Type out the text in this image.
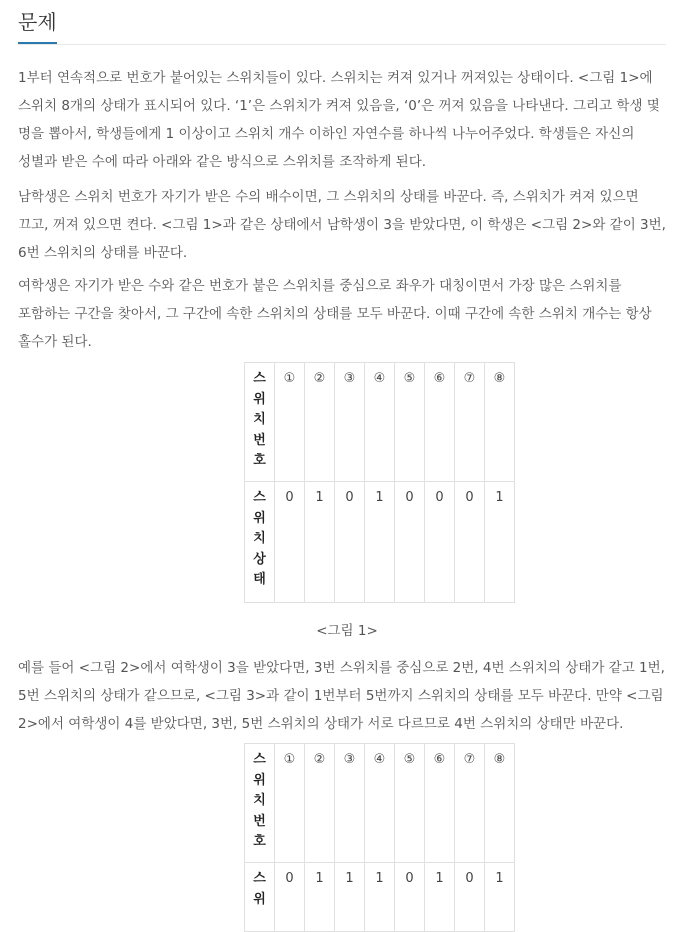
문제

1부터 연속적으로 번호가 붙어있는 스위치들이 있다. 스위치는 켜져 있거나 꺼져있는 상태이다. <그림 1>에 스위치 8개의 상태가 표시되어 있다. ‘1’은 스위치가 켜져 있음을, ‘0’은 꺼져 있음을 나타낸다. 그리고 학생 몇 명을 뽑아서, 학생들에게 1 이상이고 스위치 개수 이하인 자연수를 하나씩 나누어주었다. 학생들은 자신의 성별과 받은 수에 따라 아래와 같은 방식으로 스위치를 조작하게 된다.

남학생은 스위치 번호가 자기가 받은 수의 배수이면, 그 스위치의 상태를 바꾼다. 즉, 스위치가 켜져 있으면 끄고, 꺼져 있으면 켠다. <그림 1>과 같은 상태에서 남학생이 3을 받았다면, 이 학생은 <그림 2>와 같이 3번, 6번 스위치의 상태를 바꾼다.

여학생은 자기가 받은 수와 같은 번호가 붙은 스위치를 중심으로 좌우가 대칭이면서 가장 많은 스위치를 포함하는 구간을 찾아서, 그 구간에 속한 스위치의 상태를 모두 바꾼다. 이때 구간에 속한 스위치 개수는 항상 홀수가 된다.

스
위
치
번
호	①	②	③	④	⑤	⑥	⑦	⑧

스
위
치
상
태	0	1	0	1	0	0	0	1
<그림 1>

예를 들어 <그림 2>에서 여학생이 3을 받았다면, 3번 스위치를 중심으로 2번, 4번 스위치의 상태가 같고 1번, 5번 스위치의 상태가 같으므로, <그림 3>과 같이 1번부터 5번까지 스위치의 상태를 모두 바꾼다. 만약 <그림 2>에서 여학생이 4를 받았다면, 3번, 5번 스위치의 상태가 서로 다르므로 4번 스위치의 상태만 바꾼다.

스
위
치
번
호	①	②	③	④	⑤	⑥	⑦	⑧

스
위	0	1	1	1	0	1	0	1
